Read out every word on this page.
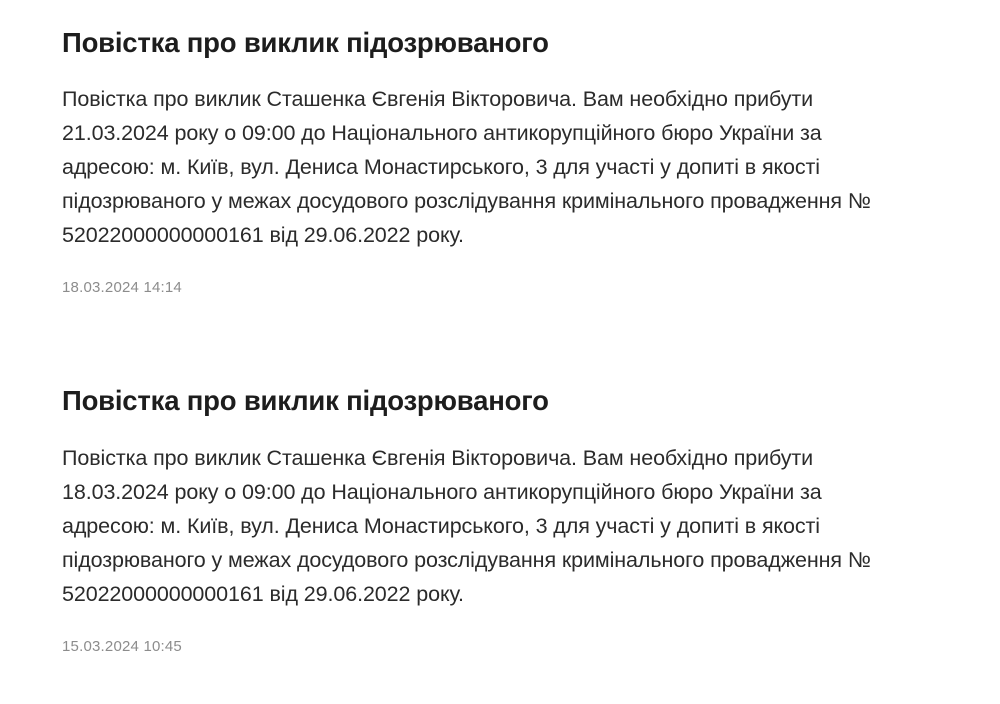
Повістка про виклик підозрюваного

Повістка про виклик Сташенка Євгенія Вікторовича. Вам необхідно прибути 21.03.2024 року о 09:00 до Національного антикорупційного бюро України за адресою: м. Київ, вул. Дениса Монастирського, 3 для участі у допиті в якості підозрюваного у межах досудового розслідування кримінального провадження № 52022000000000161 від 29.06.2022 року.

18.03.2024 14:14
Повістка про виклик підозрюваного

Повістка про виклик Сташенка Євгенія Вікторовича. Вам необхідно прибути 18.03.2024 року о 09:00 до Національного антикорупційного бюро України за адресою: м. Київ, вул. Дениса Монастирського, 3 для участі у допиті в якості підозрюваного у межах досудового розслідування кримінального провадження № 52022000000000161 від 29.06.2022 року.

15.03.2024 10:45
